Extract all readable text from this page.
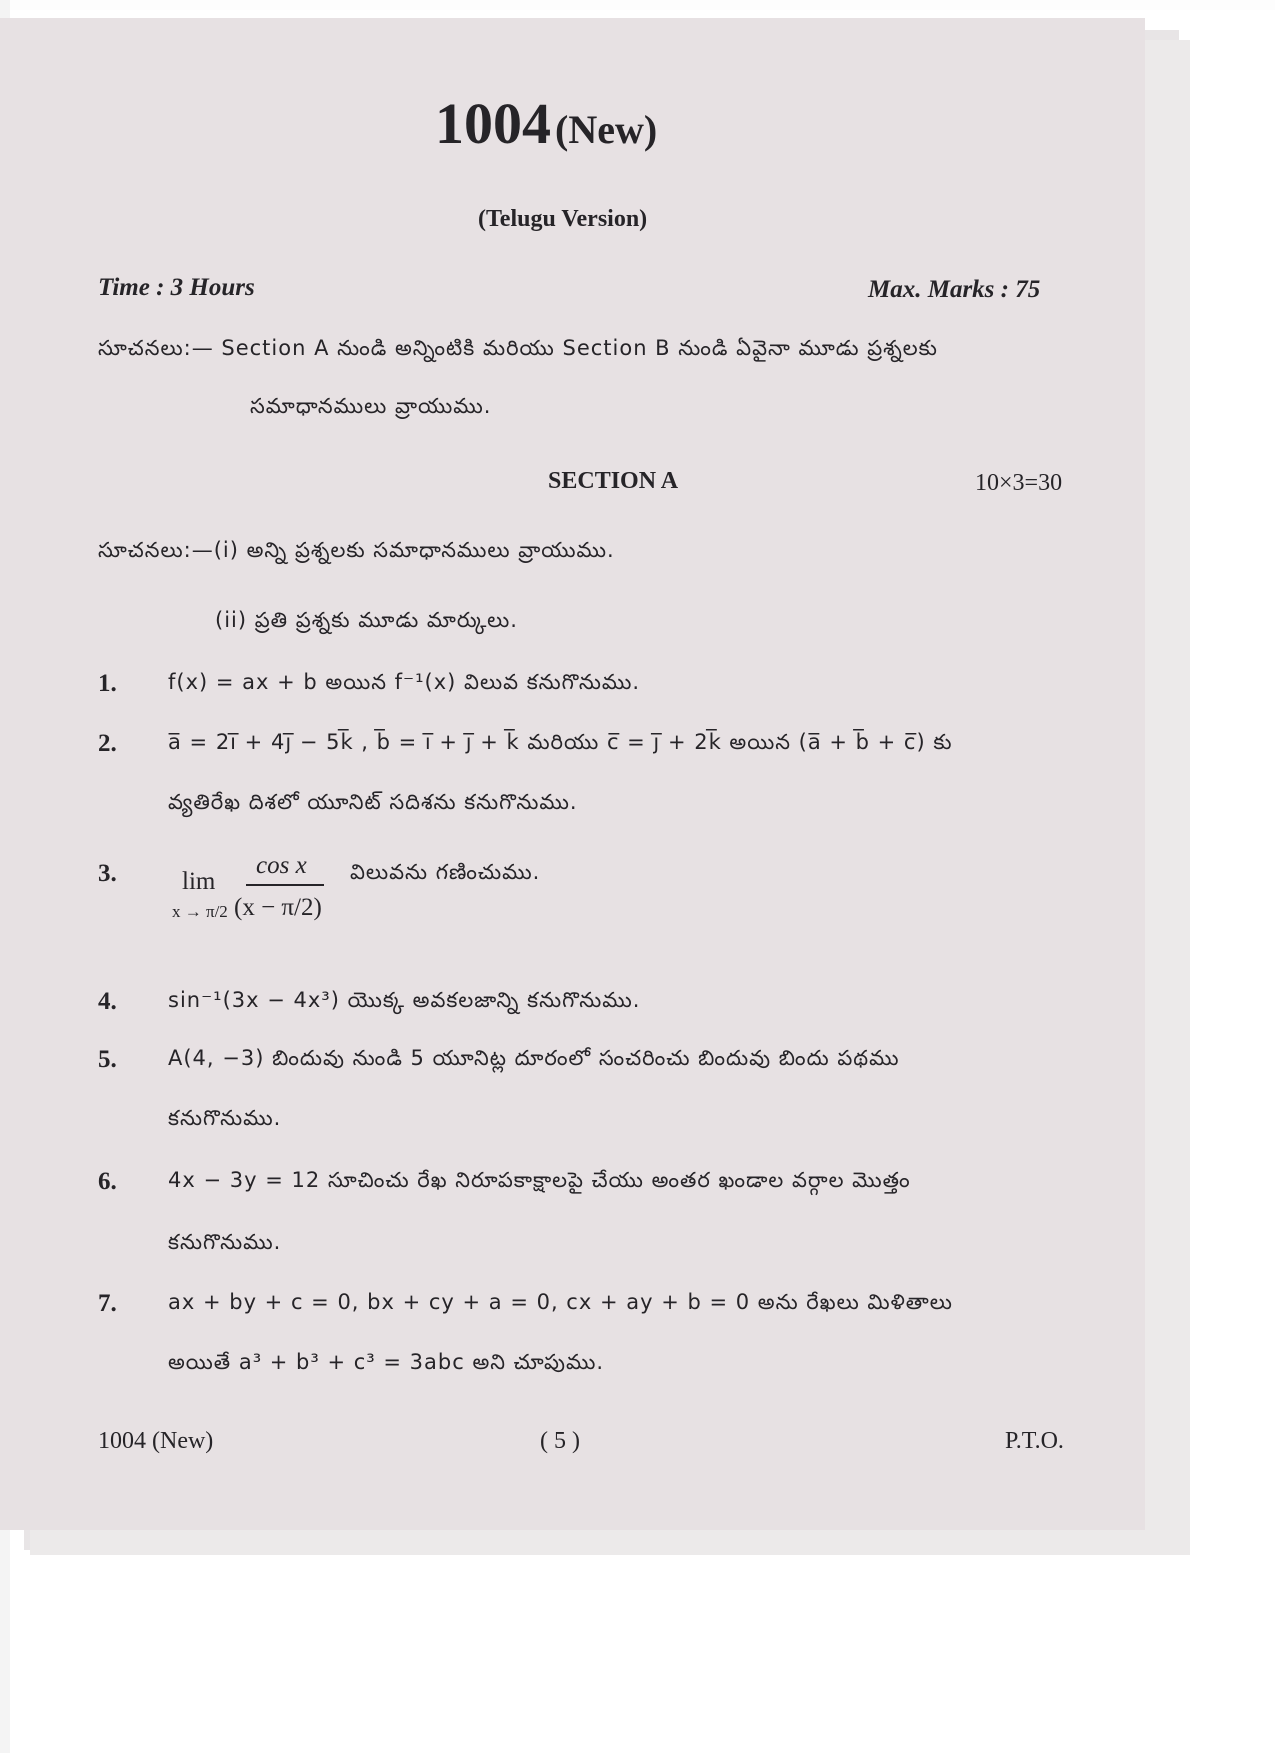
1004 (New)
(Telugu Version)
Time : 3 Hours	Max. Marks : 75
సూచనలు:— Section A నుండి అన్నింటికి మరియు Section B నుండి ఏవైనా మూడు ప్రశ్నలకు
సమాధానములు వ్రాయుము.
SECTION A	10×3=30
సూచనలు:—(i) అన్ని ప్రశ్నలకు సమాధానములు వ్రాయుము.
(ii) ప్రతి ప్రశ్నకు మూడు మార్కులు.
1. f(x) = ax + b అయిన f⁻¹(x) విలువ కనుగొనుము.
2. a̅ = 2i̅ + 4j̅ − 5k̅ , b̅ = i̅ + j̅ + k̅ మరియు c̅ = j̅ + 2k̅ అయిన (a̅ + b̅ + c̅) కు
వ్యతిరేఖ దిశలో యూనిట్ సదిశను కనుగొనుము.
3.	lim
x → π/2
cos x
(x − π/2)
విలువను గణించుము.
4. sin⁻¹(3x − 4x³) యొక్క అవకలజాన్ని కనుగొనుము.
5. A(4, −3) బిందువు నుండి 5 యూనిట్ల దూరంలో సంచరించు బిందువు బిందు పథము
కనుగొనుము.
6. 4x − 3y = 12 సూచించు రేఖ నిరూపకాక్షాలపై చేయు అంతర ఖండాల వర్గాల మొత్తం
కనుగొనుము.
7. ax + by + c = 0, bx + cy + a = 0, cx + ay + b = 0 అను రేఖలు మిళితాలు
అయితే a³ + b³ + c³ = 3abc అని చూపుము.
1004 (New)	( 5 )	P.T.O.
